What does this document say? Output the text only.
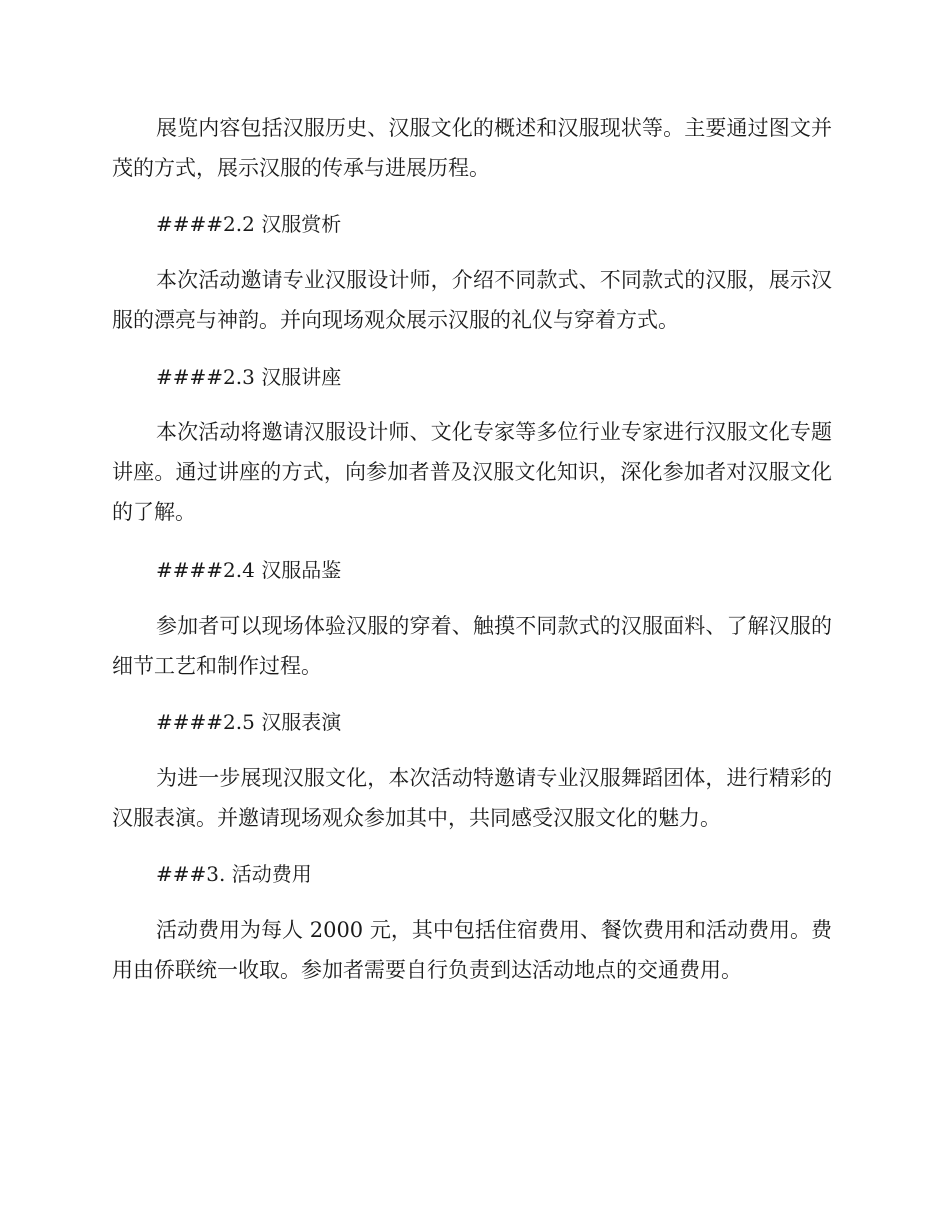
展览内容包括汉服历史、汉服文化的概述和汉服现状等。主要通过图文并茂的方式，展示汉服的传承与进展历程。

####2.2 汉服赏析

本次活动邀请专业汉服设计师，介绍不同款式、不同款式的汉服，展示汉服的漂亮与神韵。并向现场观众展示汉服的礼仪与穿着方式。

####2.3 汉服讲座

本次活动将邀请汉服设计师、文化专家等多位行业专家进行汉服文化专题讲座。通过讲座的方式，向参加者普及汉服文化知识，深化参加者对汉服文化的了解。

####2.4 汉服品鉴

参加者可以现场体验汉服的穿着、触摸不同款式的汉服面料、了解汉服的细节工艺和制作过程。

####2.5 汉服表演

为进一步展现汉服文化，本次活动特邀请专业汉服舞蹈团体，进行精彩的汉服表演。并邀请现场观众参加其中，共同感受汉服文化的魅力。

###3. 活动费用

活动费用为每人 2000 元，其中包括住宿费用、餐饮费用和活动费用。费用由侨联统一收取。参加者需要自行负责到达活动地点的交通费用。
